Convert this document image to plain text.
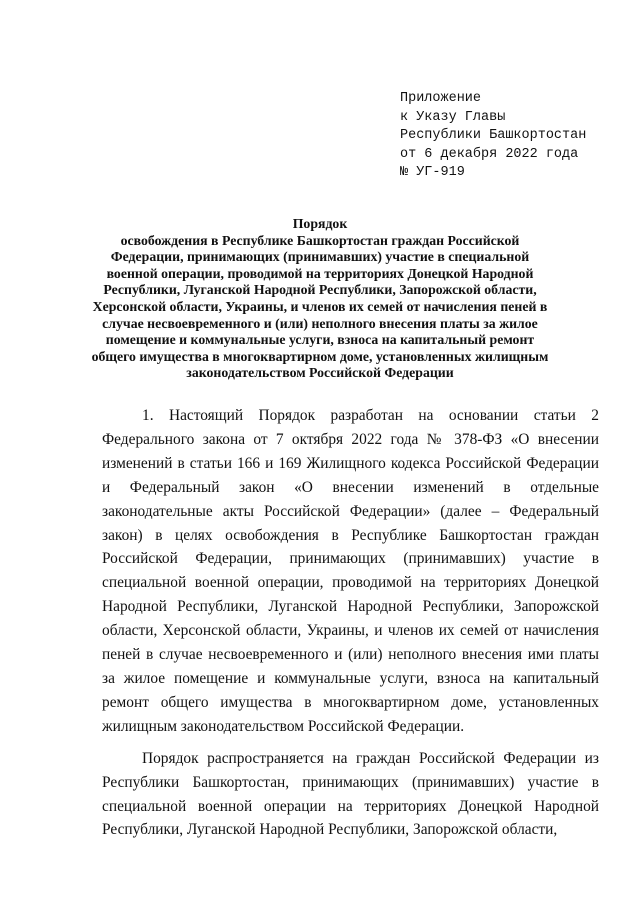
Приложение
к Указу Главы
Республики Башкортостан
от 6 декабря 2022 года
№ УГ-919
Порядок
освобождения в Республике Башкортостан граждан Российской Федерации, принимающих (принимавших) участие в специальной военной операции, проводимой на территориях Донецкой Народной Республики, Луганской Народной Республики, Запорожской области, Херсонской области, Украины, и членов их семей от начисления пеней в случае несвоевременного и (или) неполного внесения платы за жилое помещение и коммунальные услуги, взноса на капитальный ремонт общего имущества в многоквартирном доме, установленных жилищным законодательством Российской Федерации

1. Настоящий Порядок разработан на основании статьи 2 Федерального закона от 7 октября 2022 года № 378-ФЗ «О внесении изменений в статьи 166 и 169 Жилищного кодекса Российской Федерации и Федеральный закон «О внесении изменений в отдельные законодательные акты Российской Федерации» (далее – Федеральный закон) в целях освобождения в Республике Башкортостан граждан Российской Федерации, принимающих (принимавших) участие в специальной военной операции, проводимой на территориях Донецкой Народной Республики, Луганской Народной Республики, Запорожской области, Херсонской области, Украины, и членов их семей от начисления пеней в случае несвоевременного и (или) неполного внесения ими платы за жилое помещение и коммунальные услуги, взноса на капитальный ремонт общего имущества в многоквартирном доме, установленных жилищным законодательством Российской Федерации.

Порядок распространяется на граждан Российской Федерации из Республики Башкортостан, принимающих (принимавших) участие в специальной военной операции на территориях Донецкой Народной Республики, Луганской Народной Республики, Запорожской области,
